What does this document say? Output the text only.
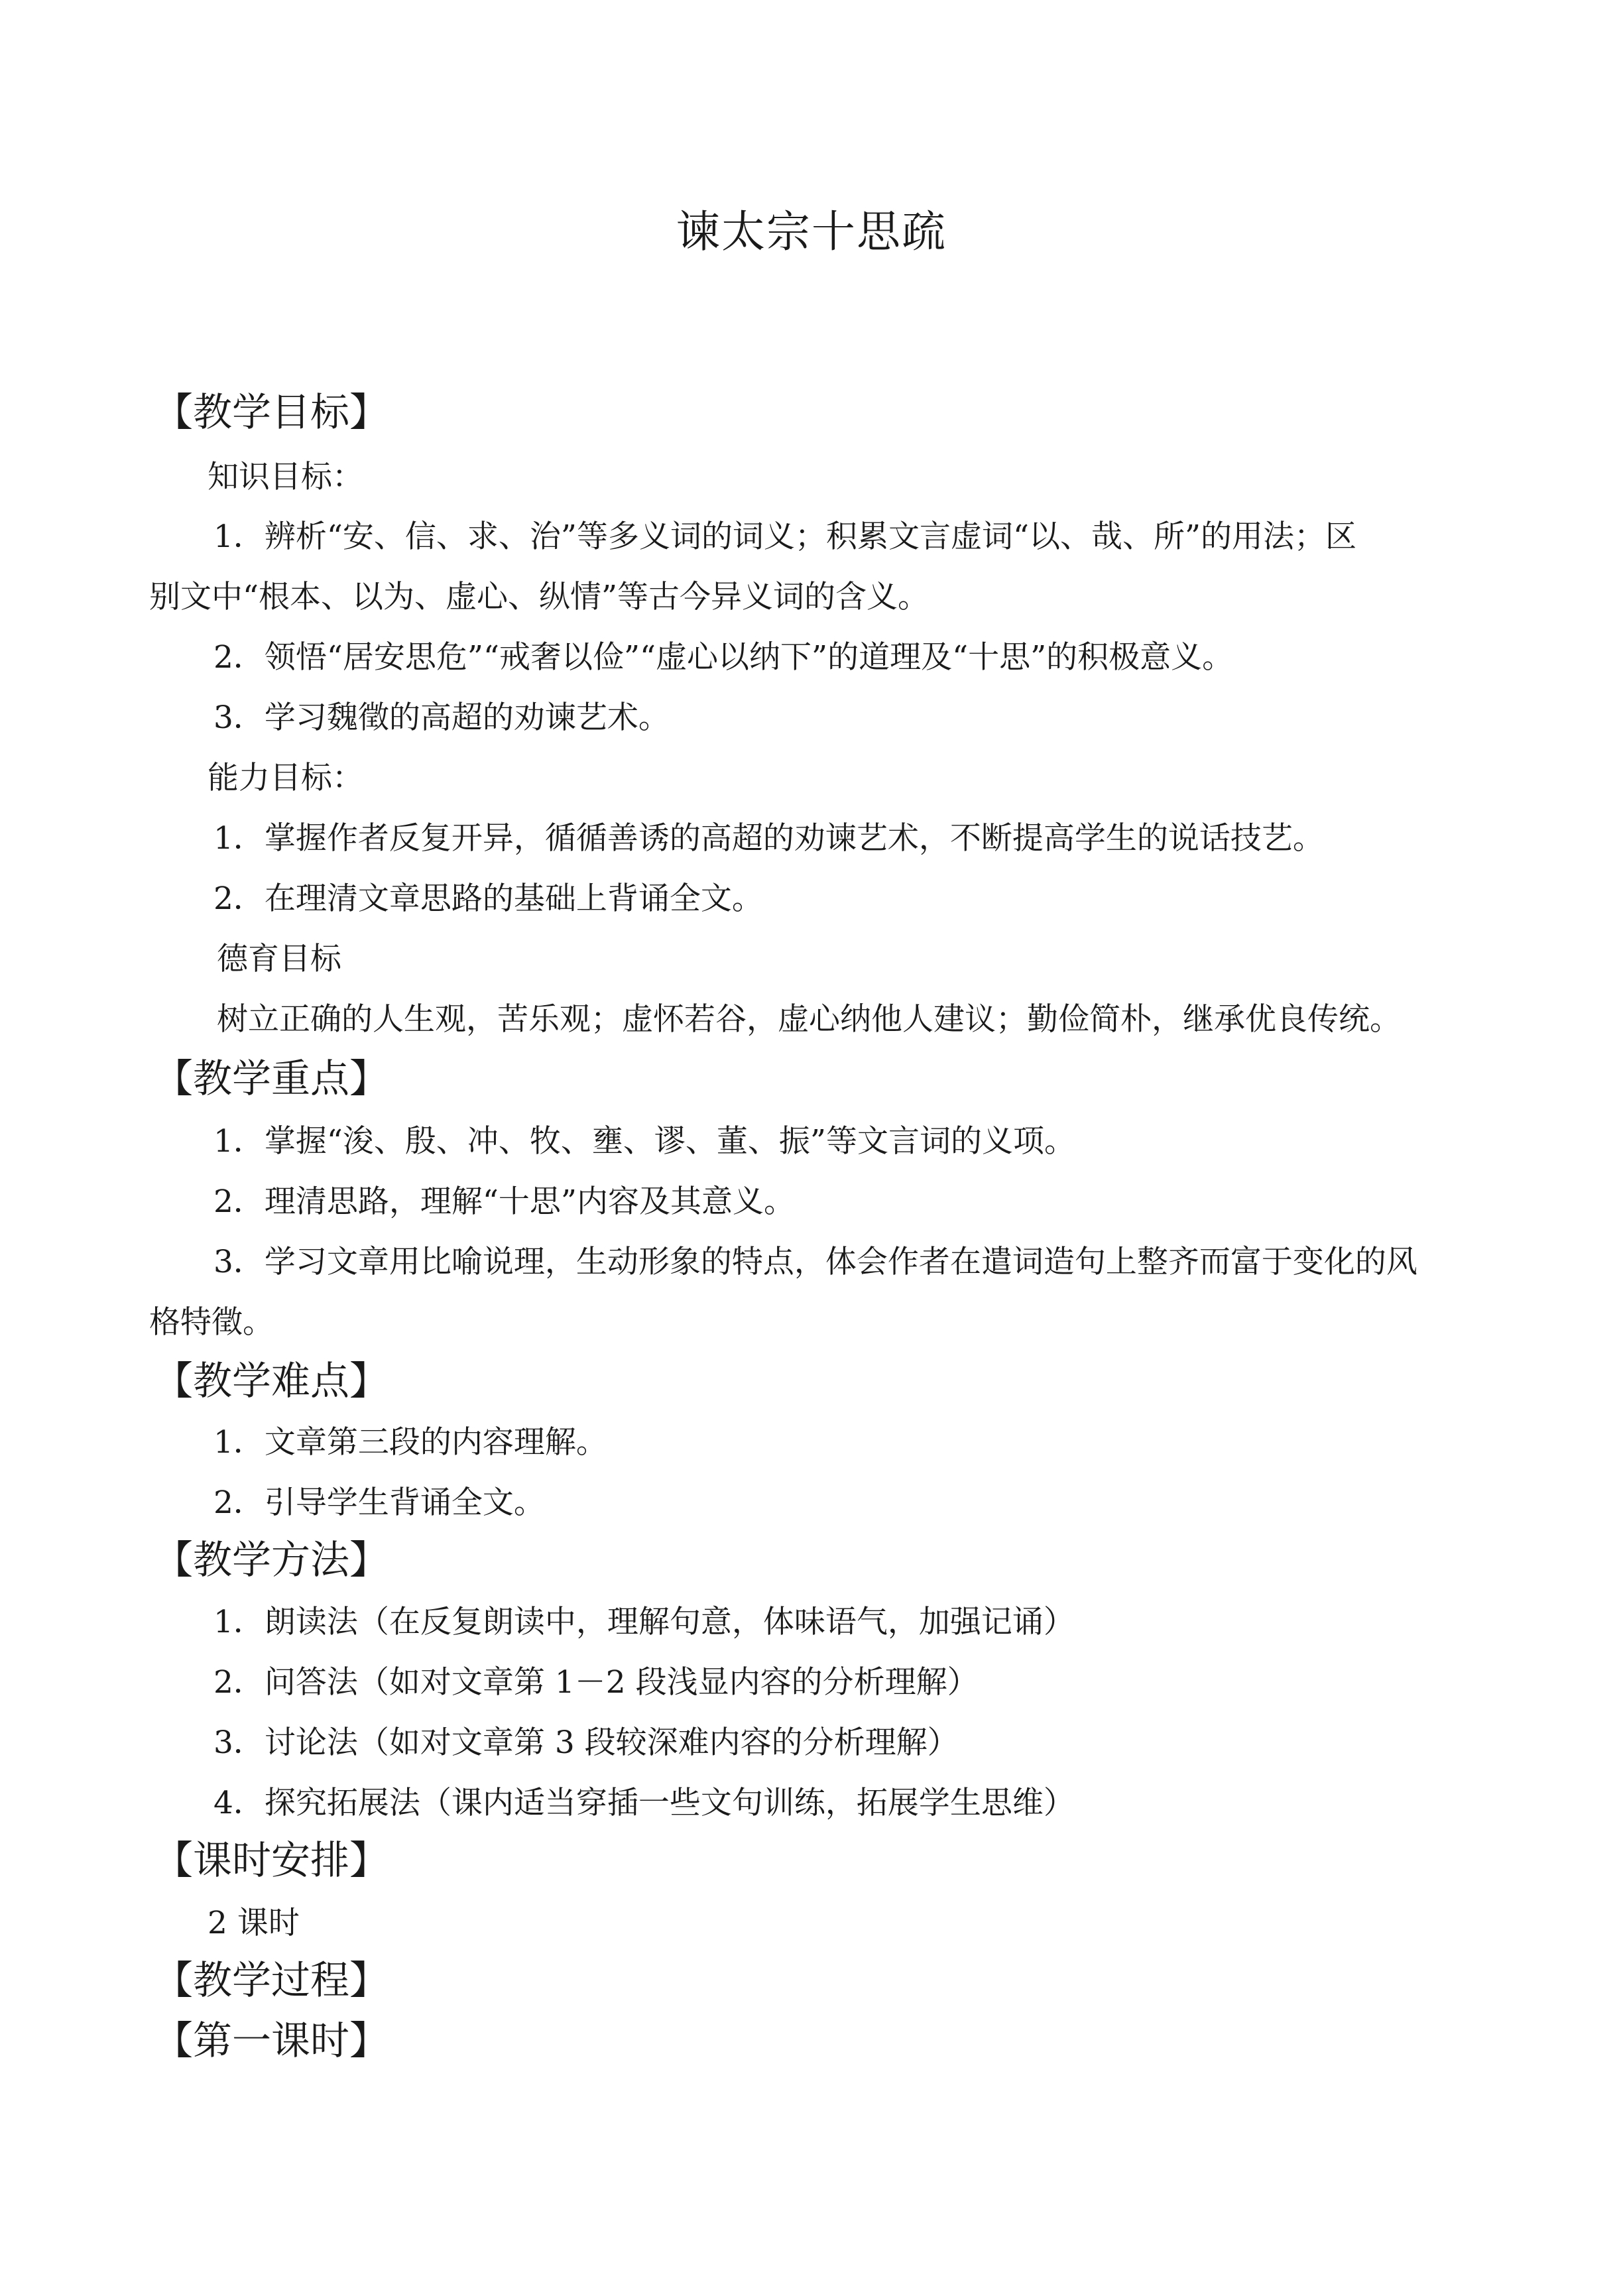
谏太宗十思疏
【教学目标】
知识目标：
1．辨析“安、信、求、治”等多义词的词义；积累文言虚词“以、哉、所”的用法；区
别文中“根本、以为、虚心、纵情”等古今异义词的含义。
2．领悟“居安思危”“戒奢以俭”“虚心以纳下”的道理及“十思”的积极意义。
3．学习魏徵的高超的劝谏艺术。
能力目标：
1．掌握作者反复开异，循循善诱的高超的劝谏艺术，不断提高学生的说话技艺。
2．在理清文章思路的基础上背诵全文。
德育目标
树立正确的人生观，苦乐观；虚怀若谷，虚心纳他人建议；勤俭简朴，继承优良传统。
【教学重点】
1．掌握“浚、殷、冲、牧、壅、谬、董、振”等文言词的义项。
2．理清思路，理解“十思”内容及其意义。
3．学习文章用比喻说理，生动形象的特点，体会作者在遣词造句上整齐而富于变化的风
格特徵。
【教学难点】
1．文章第三段的内容理解。
2．引导学生背诵全文。
【教学方法】
1．朗读法（在反复朗读中，理解句意，体味语气，加强记诵）
2．问答法（如对文章第 1－2 段浅显内容的分析理解）
3．讨论法（如对文章第 3 段较深难内容的分析理解）
4．探究拓展法（课内适当穿插一些文句训练，拓展学生思维）
【课时安排】
2 课时
【教学过程】
【第一课时】
